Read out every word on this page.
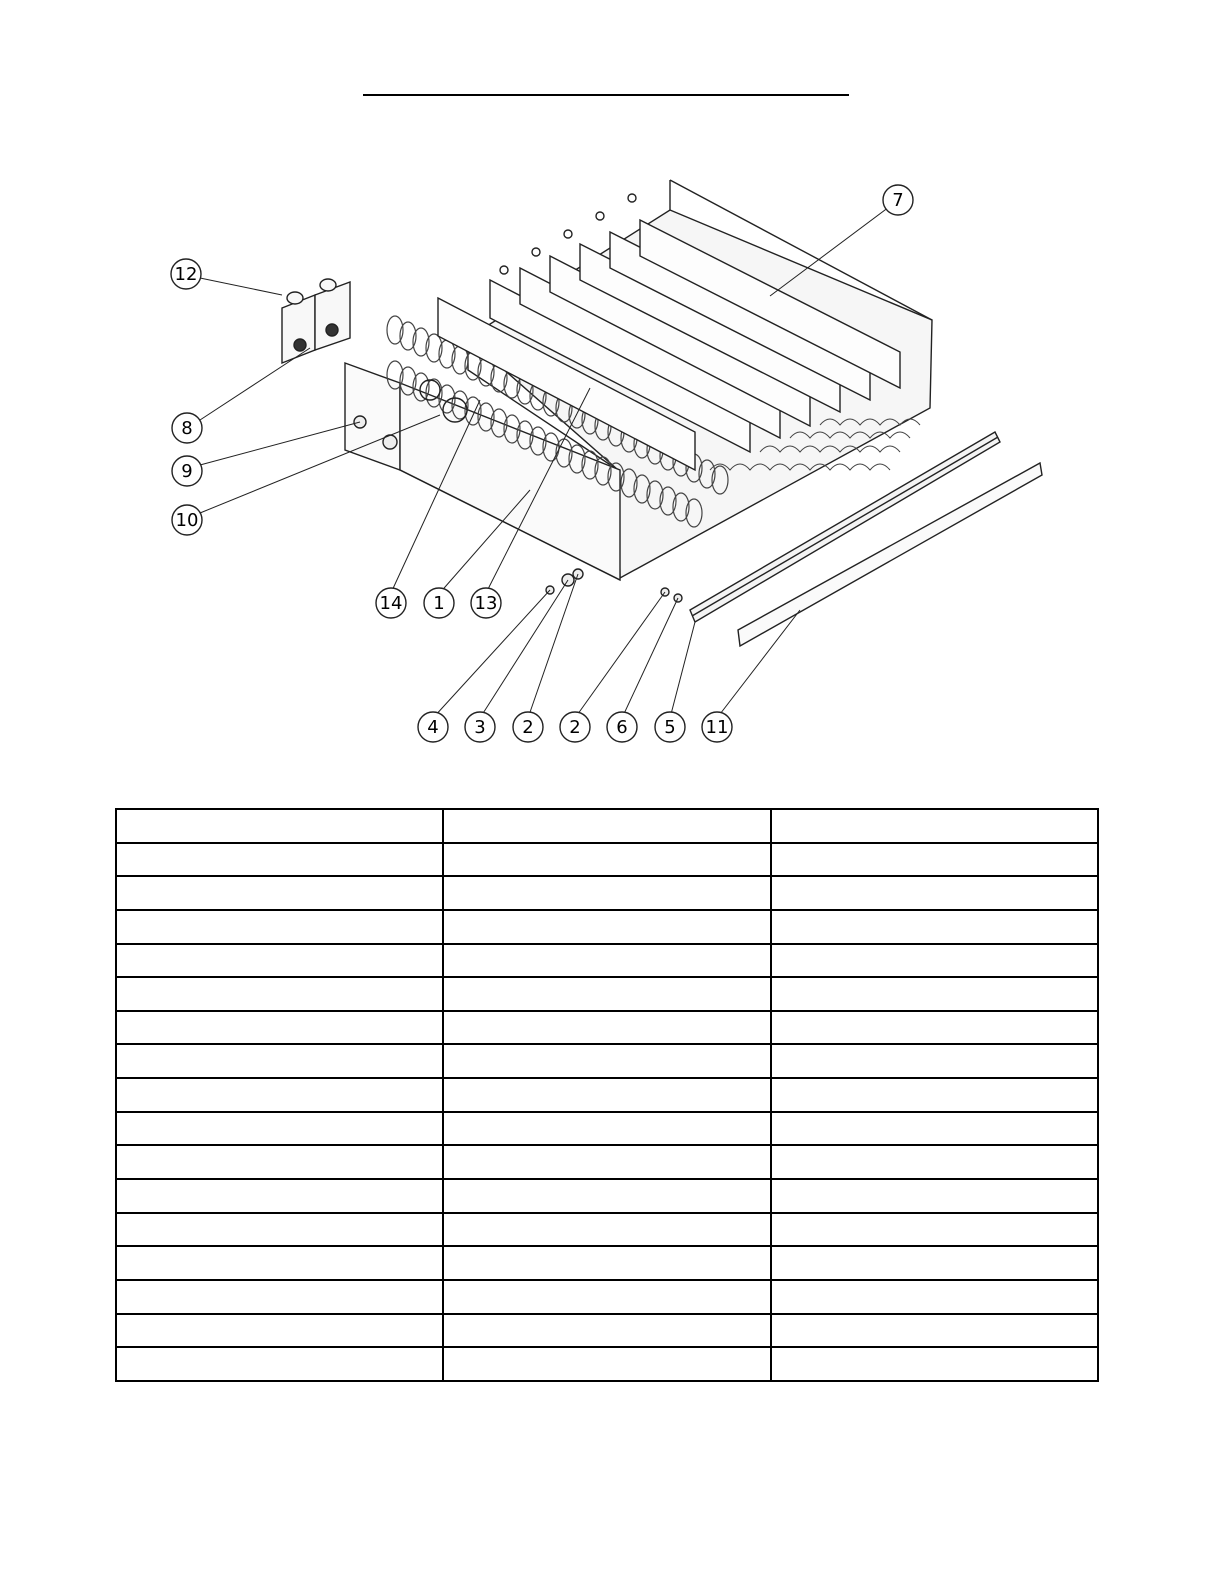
12
8
9
10
14 1 13
4 3 2 2 6 5 11
7
